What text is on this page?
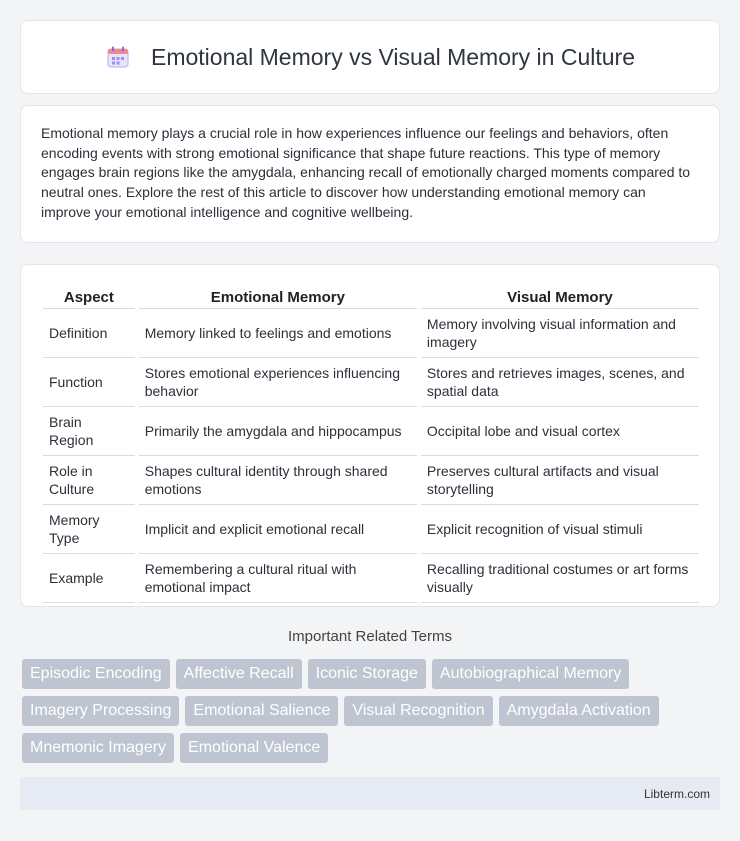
Emotional Memory vs Visual Memory in Culture

Emotional memory plays a crucial role in how experiences influence our feelings and behaviors, often encoding events with strong emotional significance that shape future reactions. This type of memory engages brain regions like the amygdala, enhancing recall of emotionally charged moments compared to neutral ones. Explore the rest of this article to discover how understanding emotional memory can improve your emotional intelligence and cognitive wellbeing.

Aspect		Emotional Memory		Visual Memory
Definition		Memory linked to feelings and emotions		Memory involving visual information and imagery
Function		Stores emotional experiences influencing behavior		Stores and retrieves images, scenes, and spatial data
Brain Region		Primarily the amygdala and hippocampus		Occipital lobe and visual cortex
Role in Culture		Shapes cultural identity through shared emotions		Preserves cultural artifacts and visual storytelling
Memory Type		Implicit and explicit emotional recall		Explicit recognition of visual stimuli
Example		Remembering a cultural ritual with emotional impact		Recalling traditional costumes or art forms visually
Important Related Terms
Episodic Encoding	Affective Recall	Iconic Storage	Autobiographical Memory
Imagery Processing	Emotional Salience	Visual Recognition	Amygdala Activation
Mnemonic Imagery	Emotional Valence
Libterm.com
